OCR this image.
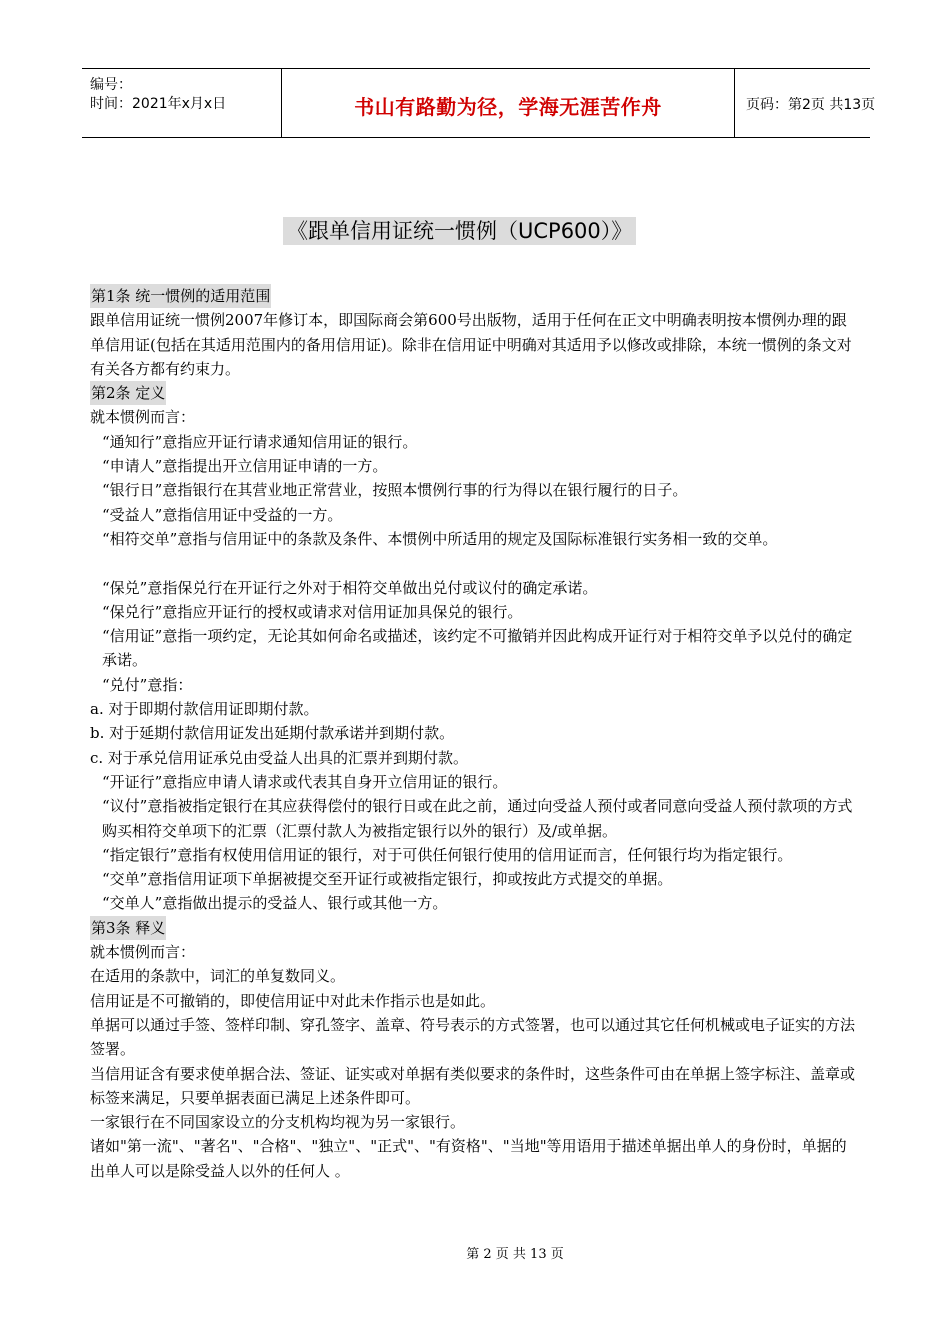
编号：
时间：2021年x月x日	书山有路勤为径，学海无涯苦作舟	页码：第2页 共13页
《跟单信用证统一惯例（UCP600）》

第1条 统一惯例的适用范围

跟单信用证统一惯例2007年修订本，即国际商会第600号出版物，适用于任何在正文中明确表明按本惯例办理的跟单信用证(包括在其适用范围内的备用信用证)。除非在信用证中明确对其适用予以修改或排除，本统一惯例的条文对有关各方都有约束力。

第2条 定义

就本惯例而言：

“通知行”意指应开证行请求通知信用证的银行。

“申请人”意指提出开立信用证申请的一方。

“银行日”意指银行在其营业地正常营业，按照本惯例行事的行为得以在银行履行的日子。

“受益人”意指信用证中受益的一方。

“相符交单”意指与信用证中的条款及条件、本惯例中所适用的规定及国际标准银行实务相一致的交单。

“保兑”意指保兑行在开证行之外对于相符交单做出兑付或议付的确定承诺。

“保兑行”意指应开证行的授权或请求对信用证加具保兑的银行。

“信用证”意指一项约定，无论其如何命名或描述，该约定不可撤销并因此构成开证行对于相符交单予以兑付的确定承诺。

“兑付”意指：

a. 对于即期付款信用证即期付款。

b. 对于延期付款信用证发出延期付款承诺并到期付款。

c. 对于承兑信用证承兑由受益人出具的汇票并到期付款。

“开证行”意指应申请人请求或代表其自身开立信用证的银行。

“议付”意指被指定银行在其应获得偿付的银行日或在此之前，通过向受益人预付或者同意向受益人预付款项的方式购买相符交单项下的汇票（汇票付款人为被指定银行以外的银行）及/或单据。

“指定银行”意指有权使用信用证的银行，对于可供任何银行使用的信用证而言，任何银行均为指定银行。

“交单”意指信用证项下单据被提交至开证行或被指定银行，抑或按此方式提交的单据。

“交单人”意指做出提示的受益人、银行或其他一方。

第3条 释义

就本惯例而言：

在适用的条款中，词汇的单复数同义。

信用证是不可撤销的，即使信用证中对此未作指示也是如此。

单据可以通过手签、签样印制、穿孔签字、盖章、符号表示的方式签署，也可以通过其它任何机械或电子证实的方法签署。

当信用证含有要求使单据合法、签证、证实或对单据有类似要求的条件时，这些条件可由在单据上签字标注、盖章或标签来满足，只要单据表面已满足上述条件即可。

一家银行在不同国家设立的分支机构均视为另一家银行。

诸如"第一流"、"著名"、"合格"、"独立"、"正式"、"有资格"、"当地"等用语用于描述单据出单人的身份时，单据的出单人可以是除受益人以外的任何人 。

第 2 页 共 13 页
